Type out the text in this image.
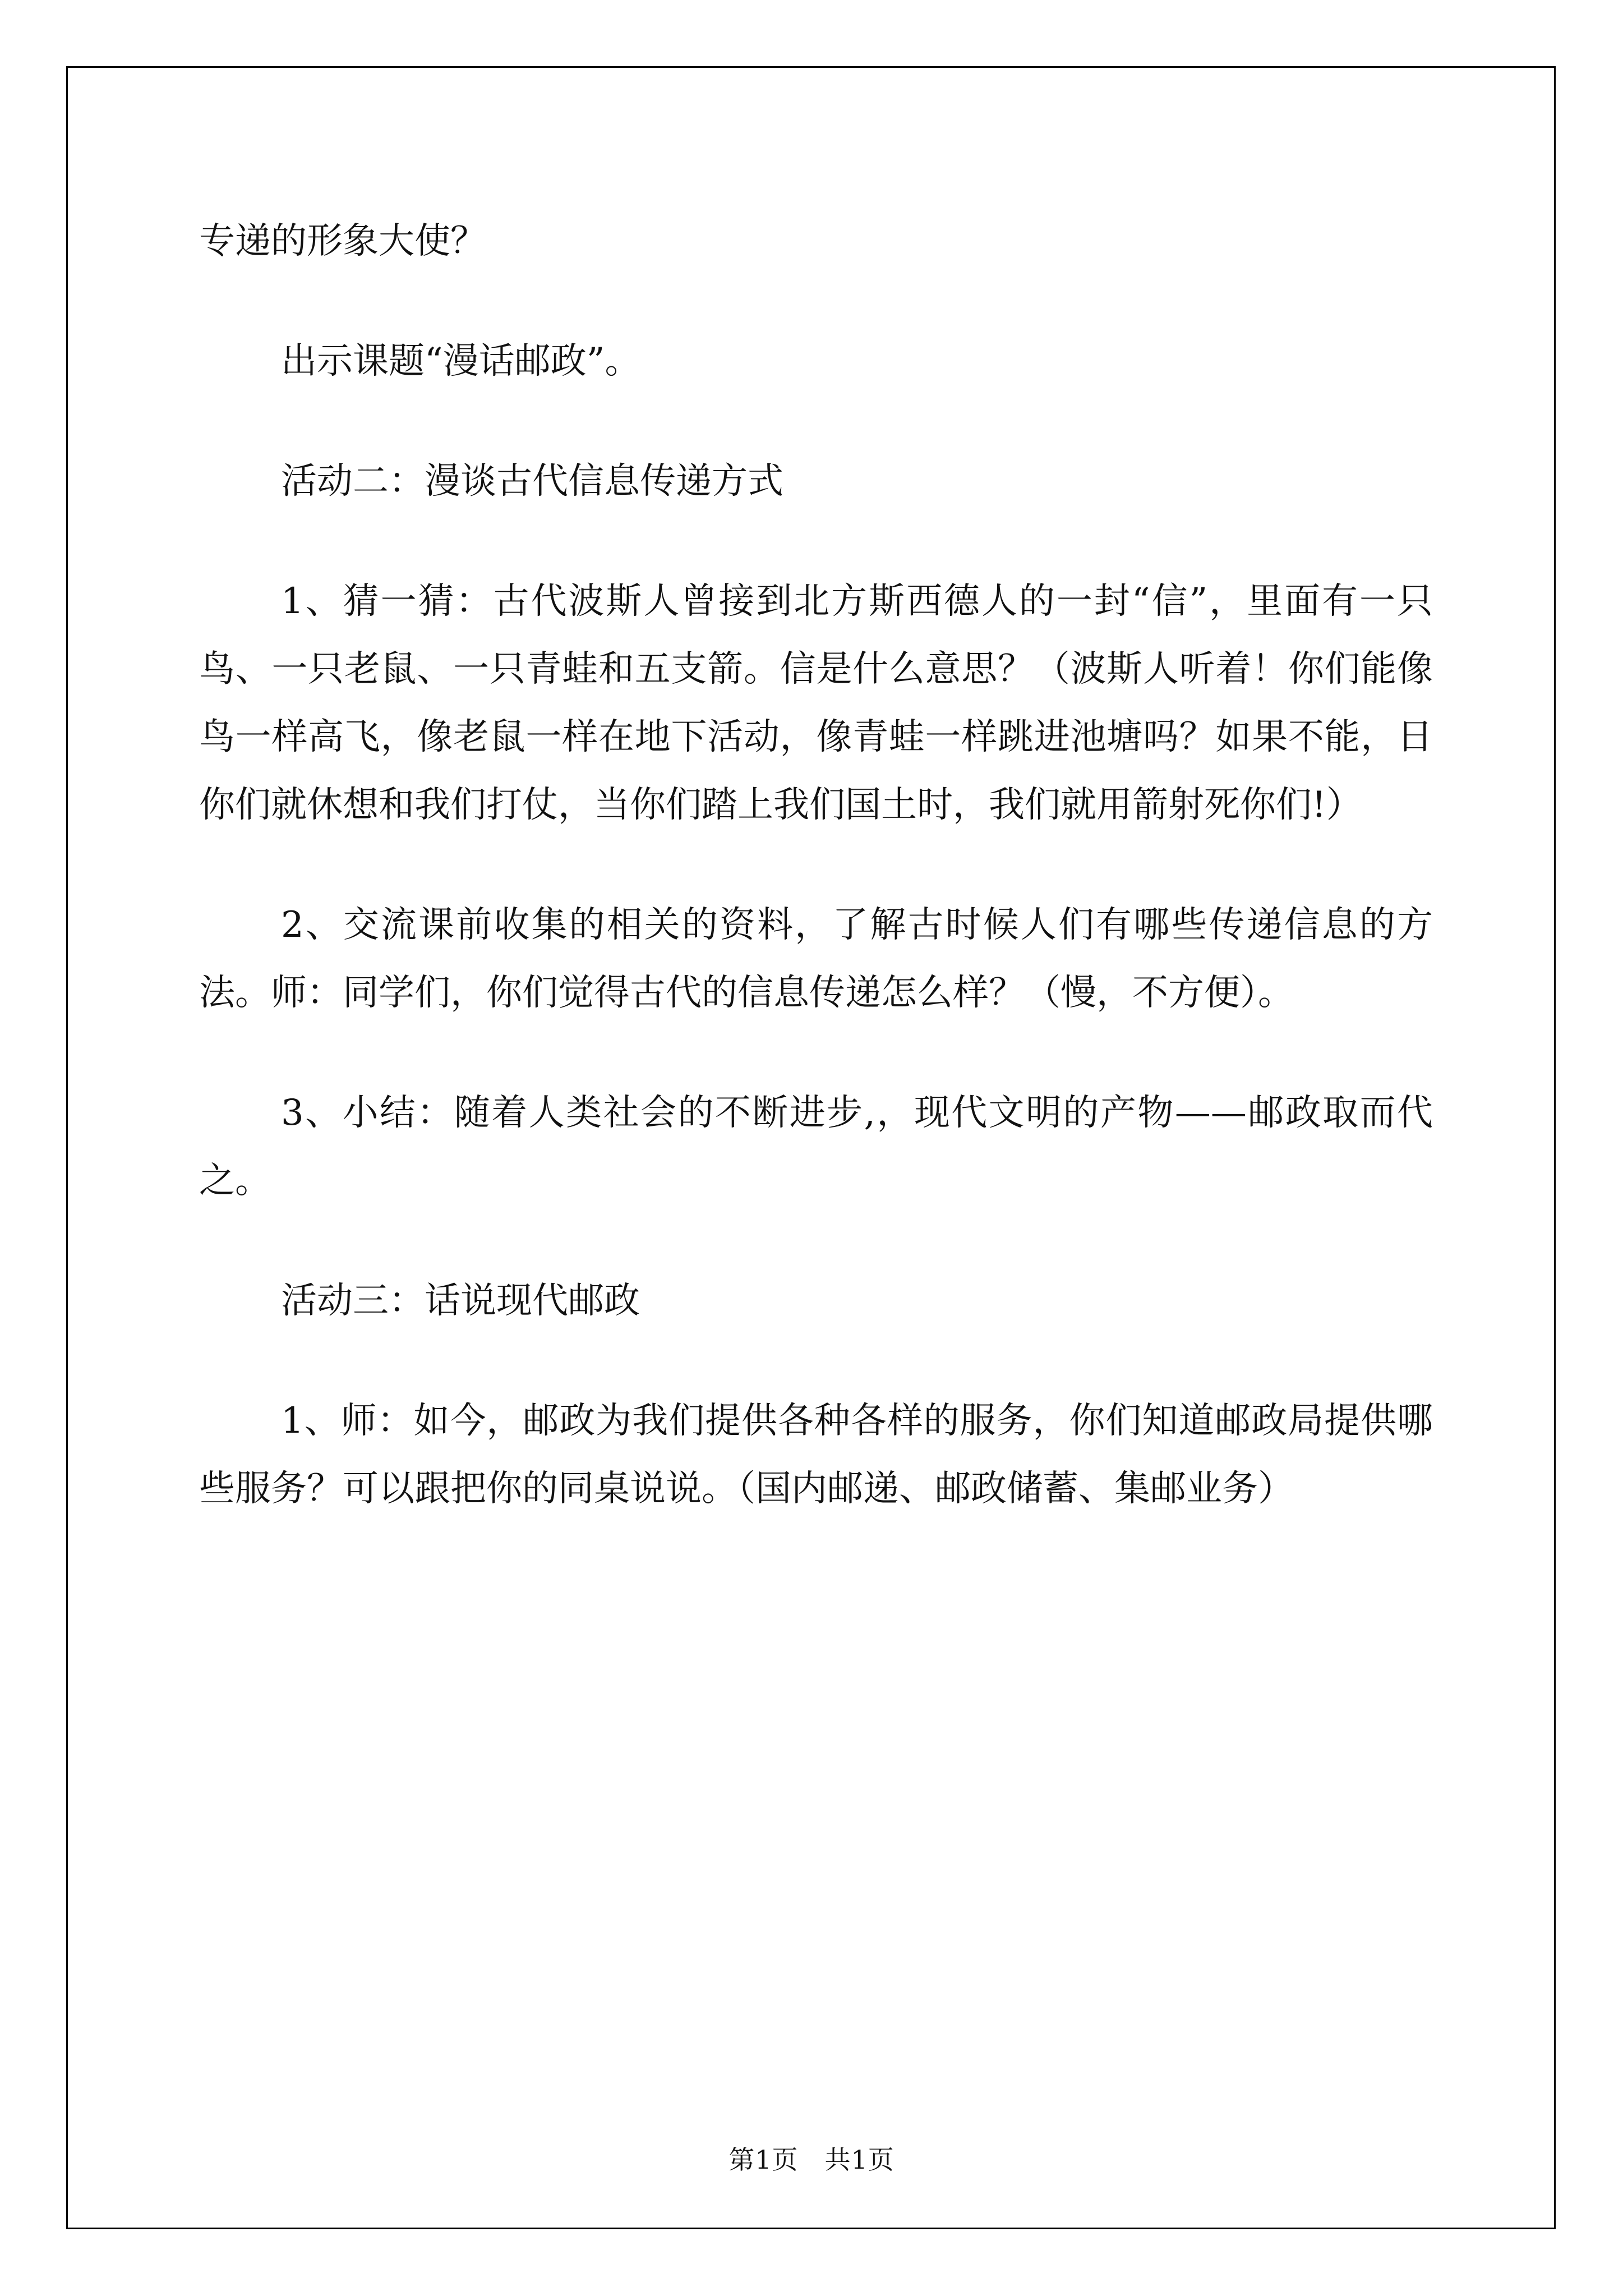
专递的形象大使？

出示课题“漫话邮政”。

活动二：漫谈古代信息传递方式

1、猜一猜：古代波斯人曾接到北方斯西德人的一封“信”，里面有一只鸟、一只老鼠、一只青蛙和五支箭。信是什么意思？（波斯人听着！你们能像鸟一样高飞，像老鼠一样在地下活动，像青蛙一样跳进池塘吗？如果不能，日你们就休想和我们打仗，当你们踏上我们国土时，我们就用箭射死你们!）

2、交流课前收集的相关的资料，了解古时候人们有哪些传递信息的方法。师：同学们，你们觉得古代的信息传递怎么样？（慢，不方便）。

3、小结：随着人类社会的不断进步,，现代文明的产物——邮政取而代之。

活动三：话说现代邮政

1、师：如今，邮政为我们提供各种各样的服务，你们知道邮政局提供哪些服务？可以跟把你的同桌说说。（国内邮递、邮政储蓄、集邮业务）

第1页　共1页
